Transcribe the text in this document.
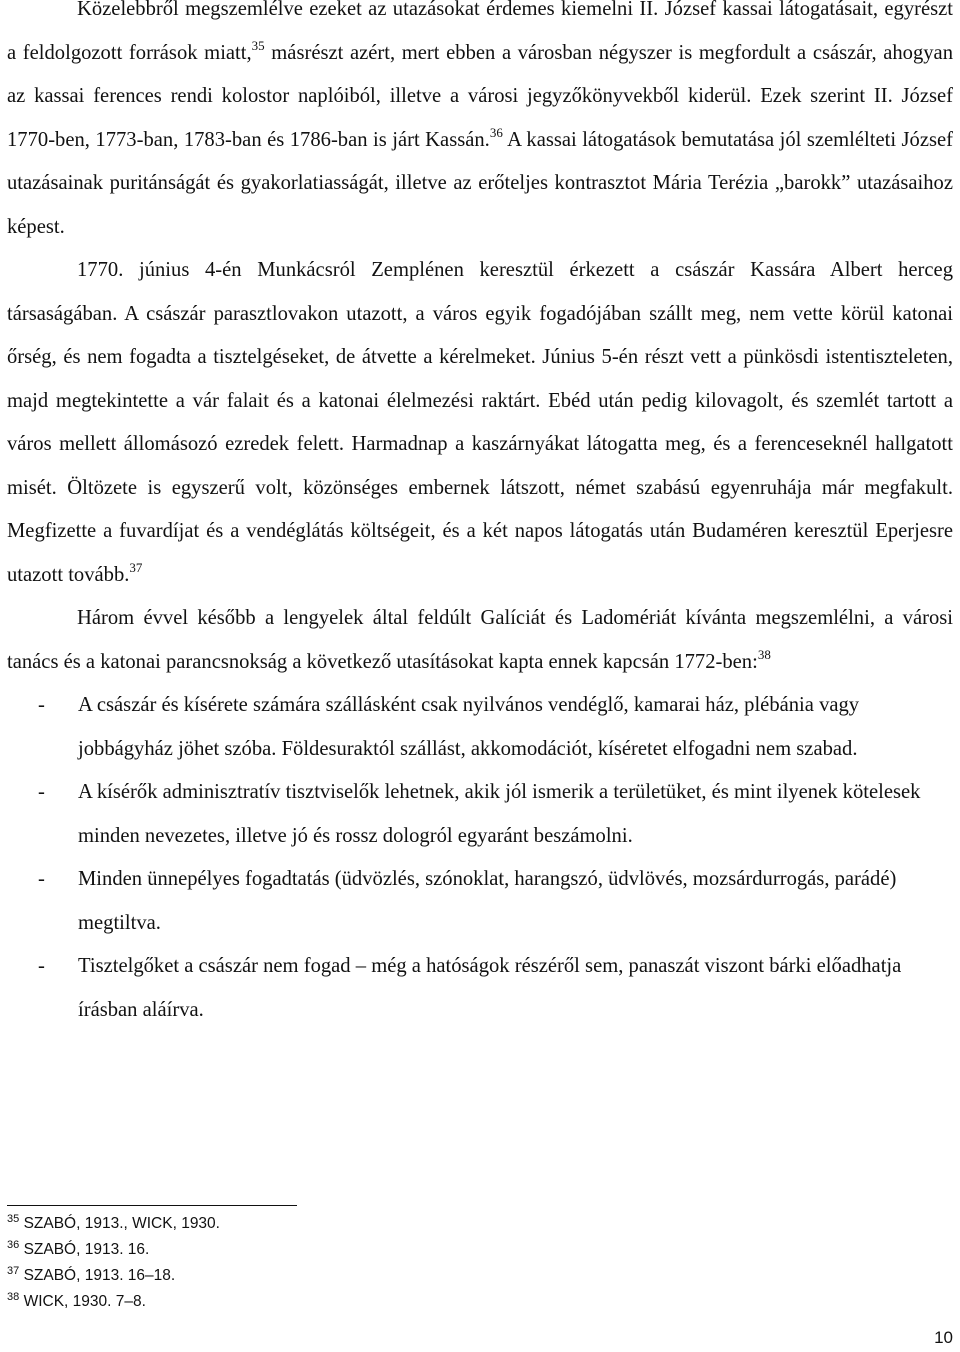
Közelebbről megszemlélve ezeket az utazásokat érdemes kiemelni II. József kassai látogatásait, egyrészt a feldolgozott források miatt,$^{35}$ másrészt azért, mert ebben a városban négyszer is megfordult a császár, ahogyan az kassai ferences rendi kolostor naplóiból, illetve a városi jegyzőkönyvekből kiderül. Ezek szerint II. József 1770-ben, 1773-ban, 1783-ban és 1786-ban is járt Kassán.$^{36}$ A kassai látogatások bemutatása jól szemlélteti József utazásainak puritánságát és gyakorlatiasságát, illetve az erőteljes kontrasztot Mária Terézia „barokk” utazásaihoz képest.

1770. június 4-én Munkácsról Zemplénen keresztül érkezett a császár Kassára Albert herceg társaságában. A császár parasztlovakon utazott, a város egyik fogadójában szállt meg, nem vette körül katonai őrség, és nem fogadta a tisztelgéseket, de átvette a kérelmeket. Június 5-én részt vett a pünkösdi istentiszteleten, majd megtekintette a vár falait és a katonai élelmezési raktárt. Ebéd után pedig kilovagolt, és szemlét tartott a város mellett állomásozó ezredek felett. Harmadnap a kaszárnyákat látogatta meg, és a ferenceseknél hallgatott misét. Öltözete is egyszerű volt, közönséges embernek látszott, német szabású egyenruhája már megfakult. Megfizette a fuvardíjat és a vendéglátás költségeit, és a két napos látogatás után Budaméren keresztül Eperjesre utazott tovább.$^{37}$

Három évvel később a lengyelek által feldúlt Galíciát és Ladomériát kívánta megszemlélni, a városi tanács és a katonai parancsnokság a következő utasításokat kapta ennek kapcsán 1772-ben:$^{38}$

- A császár és kísérete számára szállásként csak nyilvános vendéglő, kamarai ház, plébánia vagy jobbágyház jöhet szóba. Földesuraktól szállást, akkomodációt, kíséretet elfogadni nem szabad.
- A kísérők adminisztratív tisztviselők lehetnek, akik jól ismerik a területüket, és mint ilyenek kötelesek minden nevezetes, illetve jó és rossz dologról egyaránt beszámolni.
- Minden ünnepélyes fogadtatás (üdvözlés, szónoklat, harangszó, üdvlövés, mozsárdurrogás, parádé) megtiltva.
- Tisztelgőket a császár nem fogad – még a hatóságok részéről sem, panaszát viszont bárki előadhatja írásban aláírva.
$^{35}$ SZABÓ, 1913., WICK, 1930.
$^{36}$ SZABÓ, 1913. 16.
$^{37}$ SZABÓ, 1913. 16–18.
$^{38}$ WICK, 1930. 7–8.
10
